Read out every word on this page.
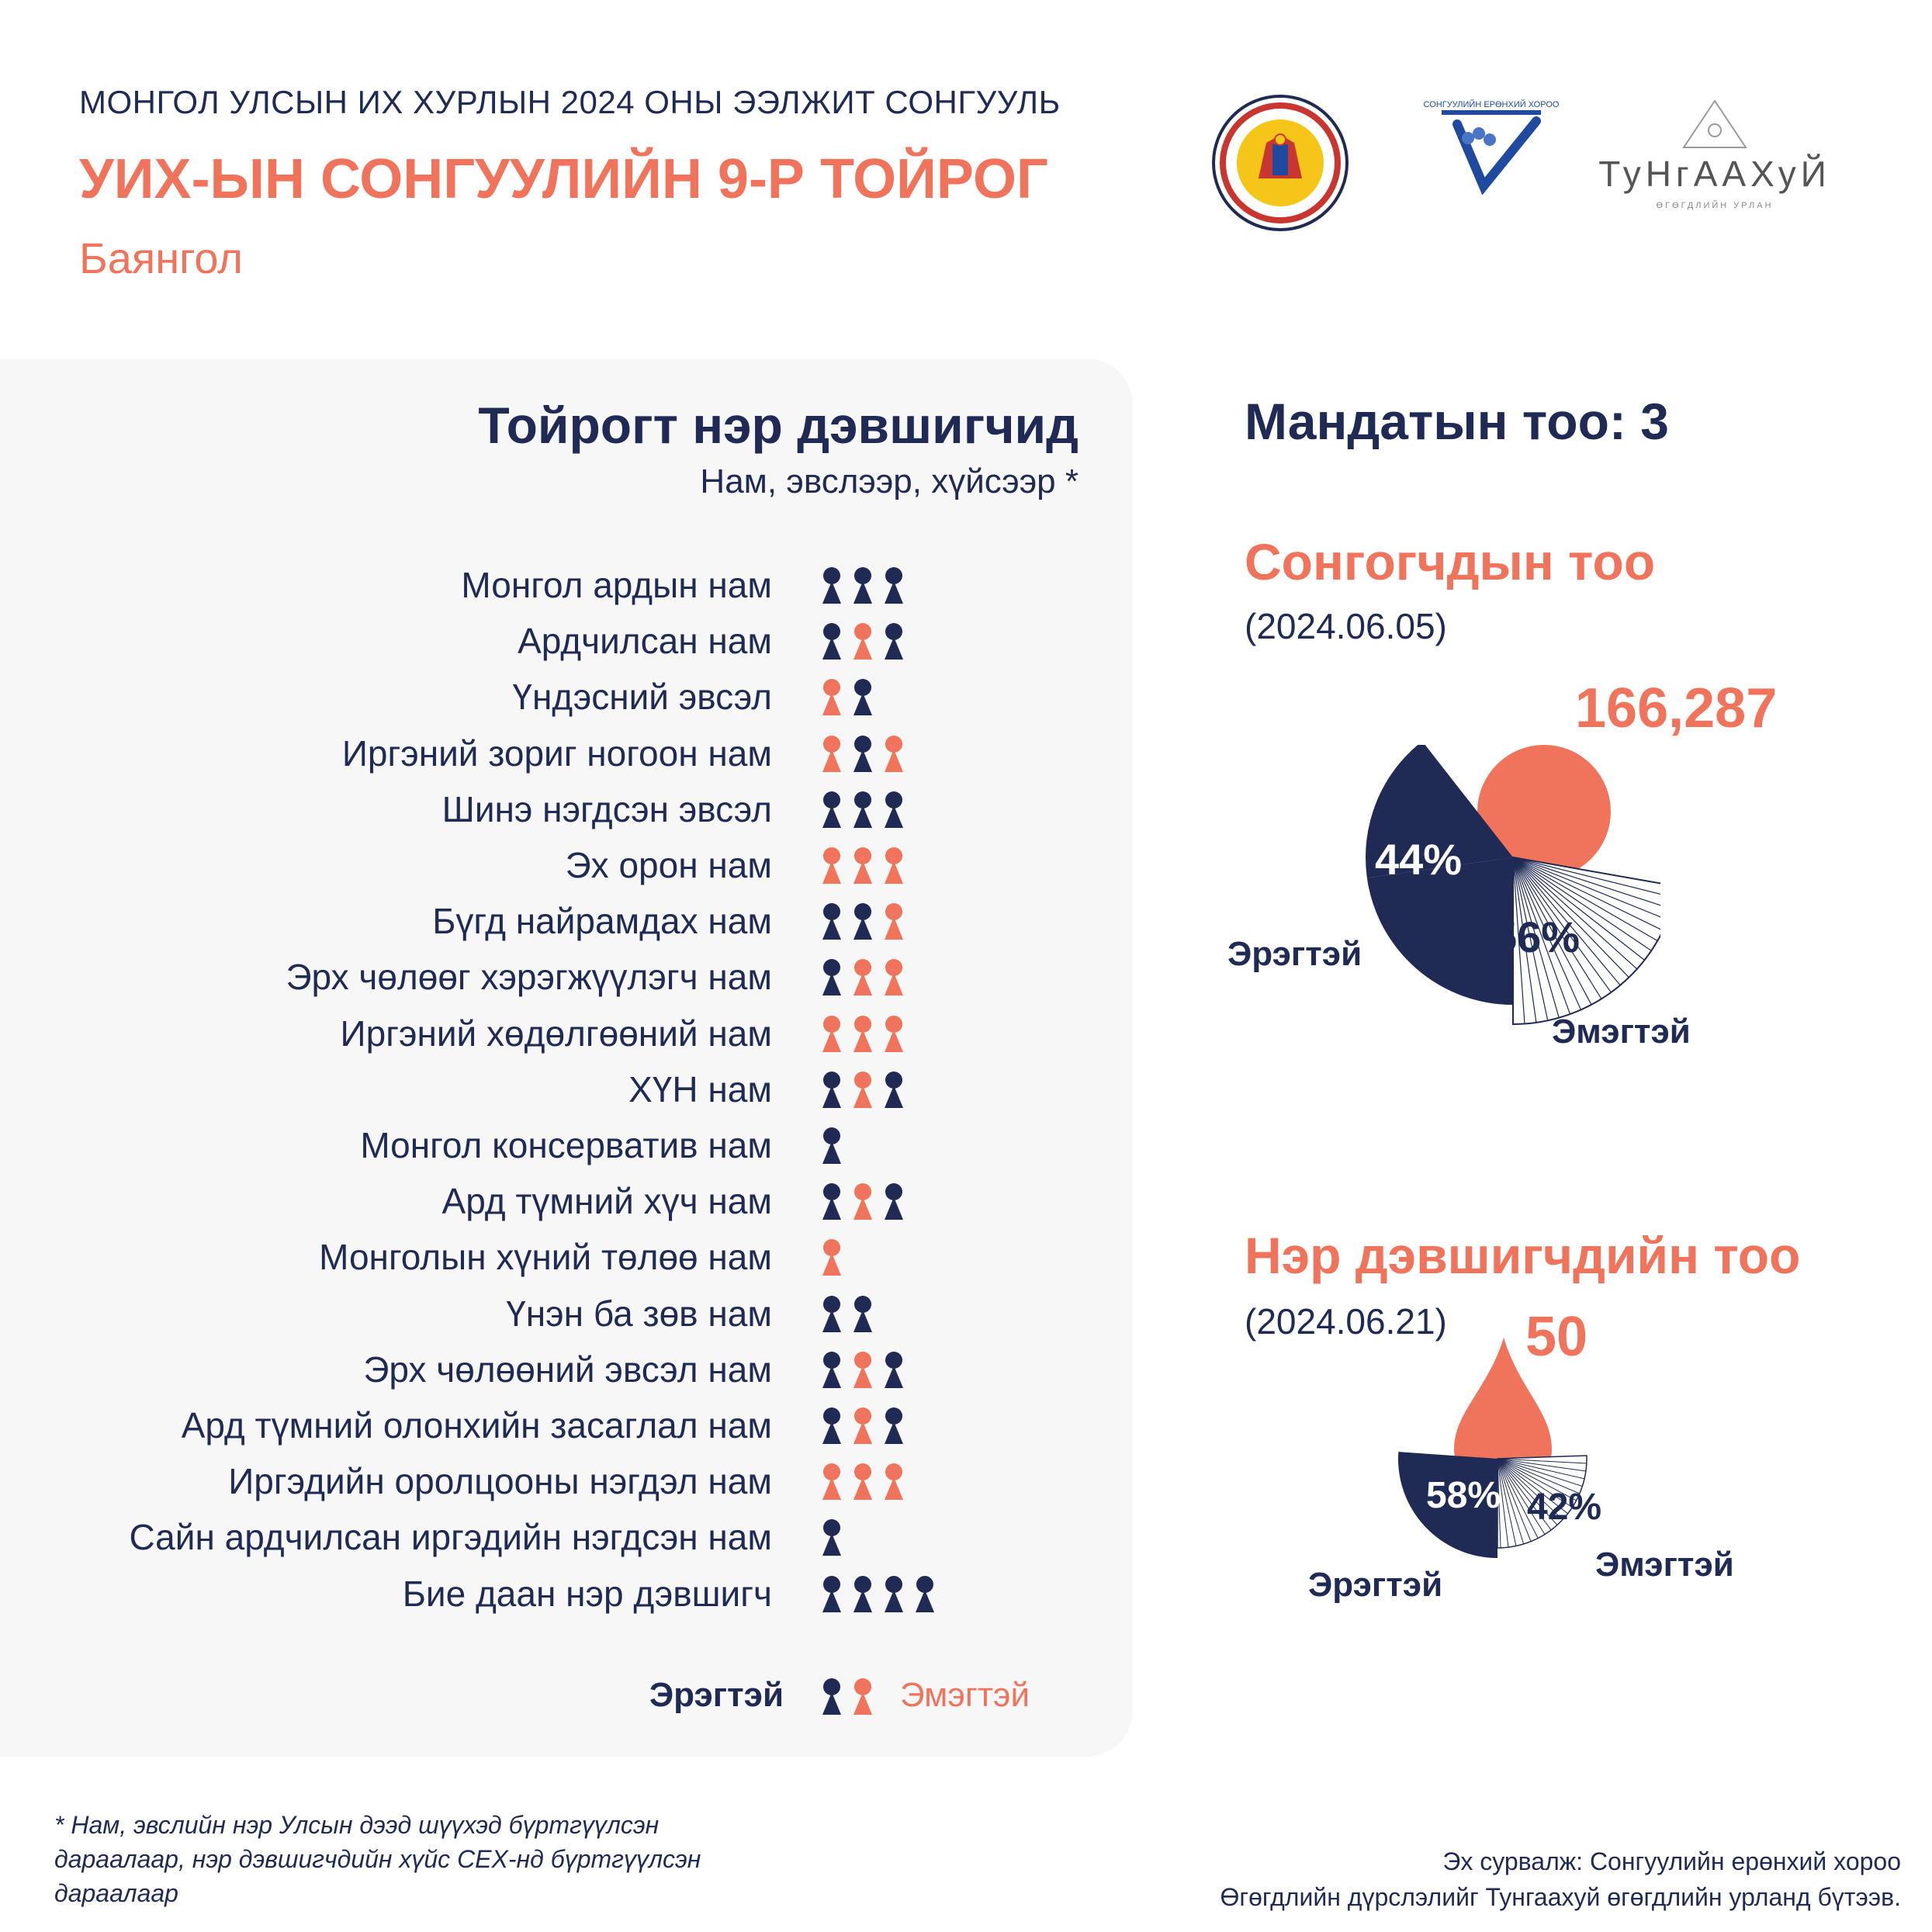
МОНГОЛ УЛСЫН ИХ ХУРЛЫН 2024 ОНЫ ЭЭЛЖИТ СОНГУУЛЬ
УИХ-ЫН СОНГУУЛИЙН 9-Р ТОЙРОГ
Баянгол
СОНГУУЛИЙН ЕРӨНХИЙ ХОРОО
ТуНгААХуЙ
ӨГӨГДЛИЙН УРЛАН
Тойрогт нэр дэвшигчид
Нам, эвслээр, хүйсээр *
Монгол ардын нам
Ардчилсан нам
Үндэсний эвсэл
Иргэний зориг ногоон нам
Шинэ нэгдсэн эвсэл
Эх орон нам
Бүгд найрамдах нам
Эрх чөлөөг хэрэгжүүлэгч нам
Иргэний хөдөлгөөний нам
ХҮН нам
Монгол консерватив нам
Ард түмний хүч нам
Монголын хүний төлөө нам
Үнэн ба зөв нам
Эрх чөлөөний эвсэл нам
Ард түмний олонхийн засаглал нам
Иргэдийн оролцооны нэгдэл нам
Сайн ардчилсан иргэдийн нэгдсэн нам
Бие даан нэр дэвшигч
Эрэгтэй	Эмэгтэй
Мандатын тоо: 3
Сонгогчдын тоо
(2024.06.05)
166,287
44%
56%
Эрэгтэй
Эмэгтэй
Нэр дэвшигчдийн тоо
(2024.06.21) 50
58% 42%
Эрэгтэй
Эмэгтэй
* Нам, эвслийн нэр Улсын дээд шүүхэд бүртгүүлсэн дараалаар, нэр дэвшигчдийн хүйс СЕХ-нд бүртгүүлсэн дараалаар
Эх сурвалж: Сонгуулийн ерөнхий хороо
Өгөгдлийн дүрслэлийг Тунгаахуй өгөгдлийн урланд бүтээв.
